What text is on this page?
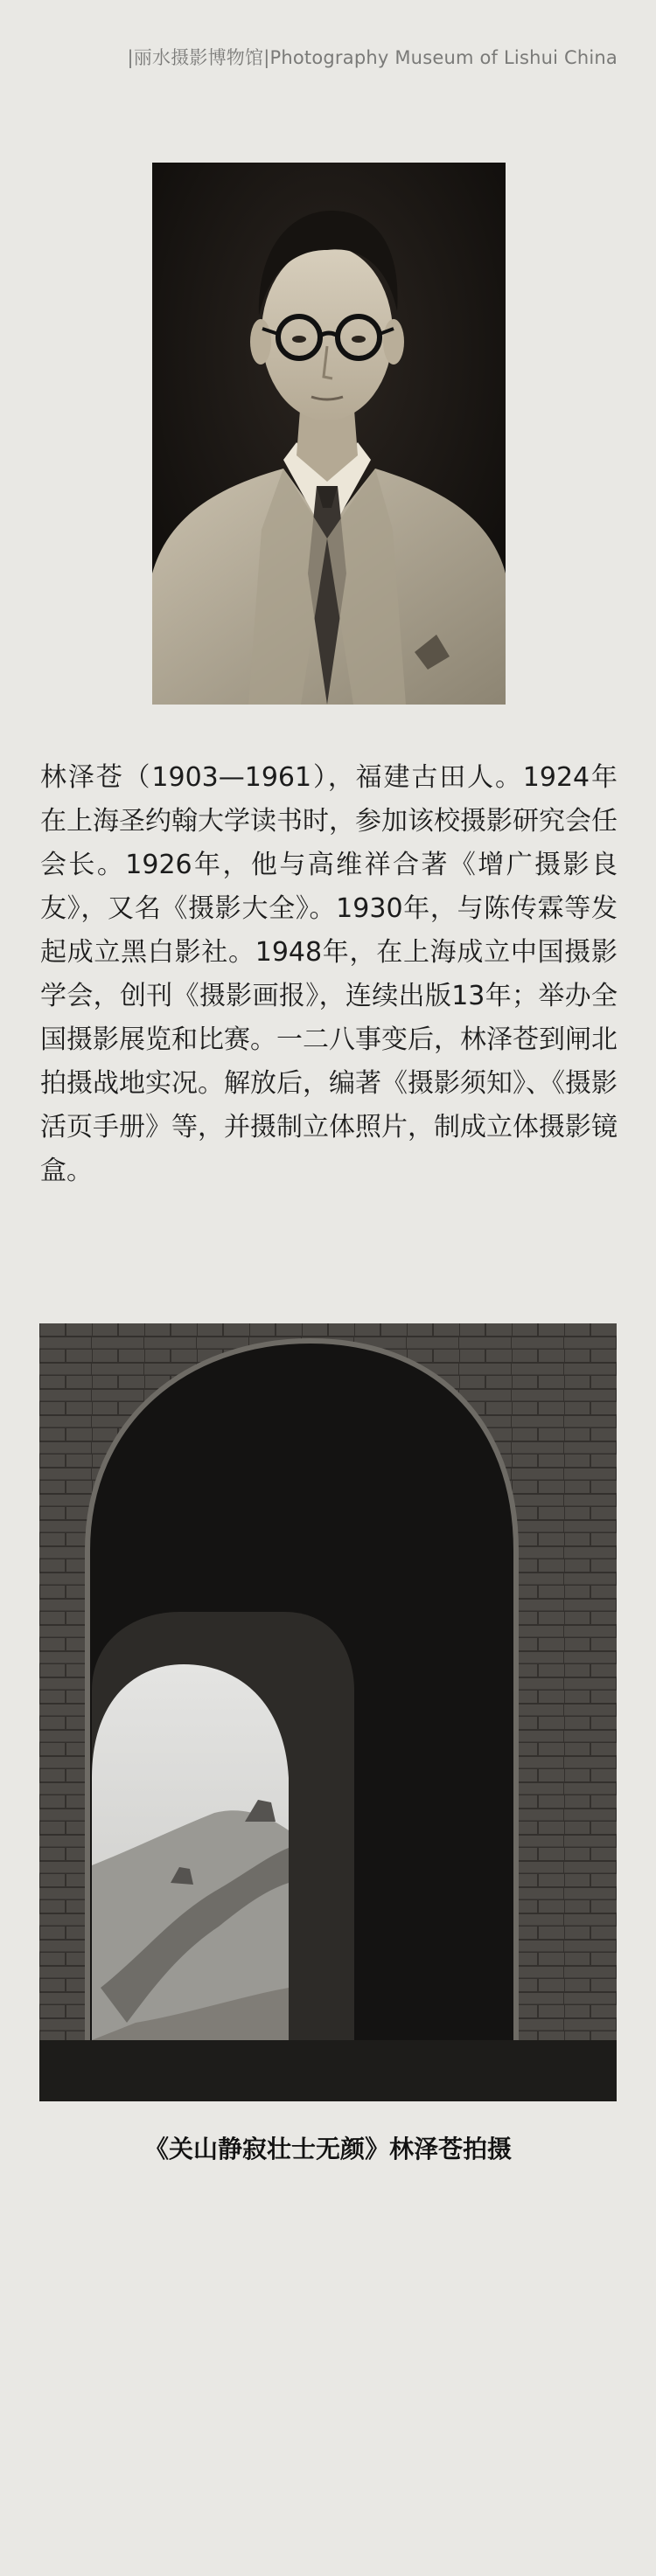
|丽水摄影博物馆|Photography Museum of Lishui China

林泽苍（1903—1961），福建古田人。1924年在上海圣约翰大学读书时，参加该校摄影研究会任会长。1926年，他与高维祥合著《增广摄影良友》，又名《摄影大全》。1930年，与陈传霖等发起成立黑白影社。1948年，在上海成立中国摄影学会，创刊《摄影画报》，连续出版13年；举办全国摄影展览和比赛。一二八事变后，林泽苍到闸北拍摄战地实况。解放后，编著《摄影须知》、《摄影活页手册》等，并摄制立体照片，制成立体摄影镜盒。

《关山静寂壮士无颜》林泽苍拍摄
